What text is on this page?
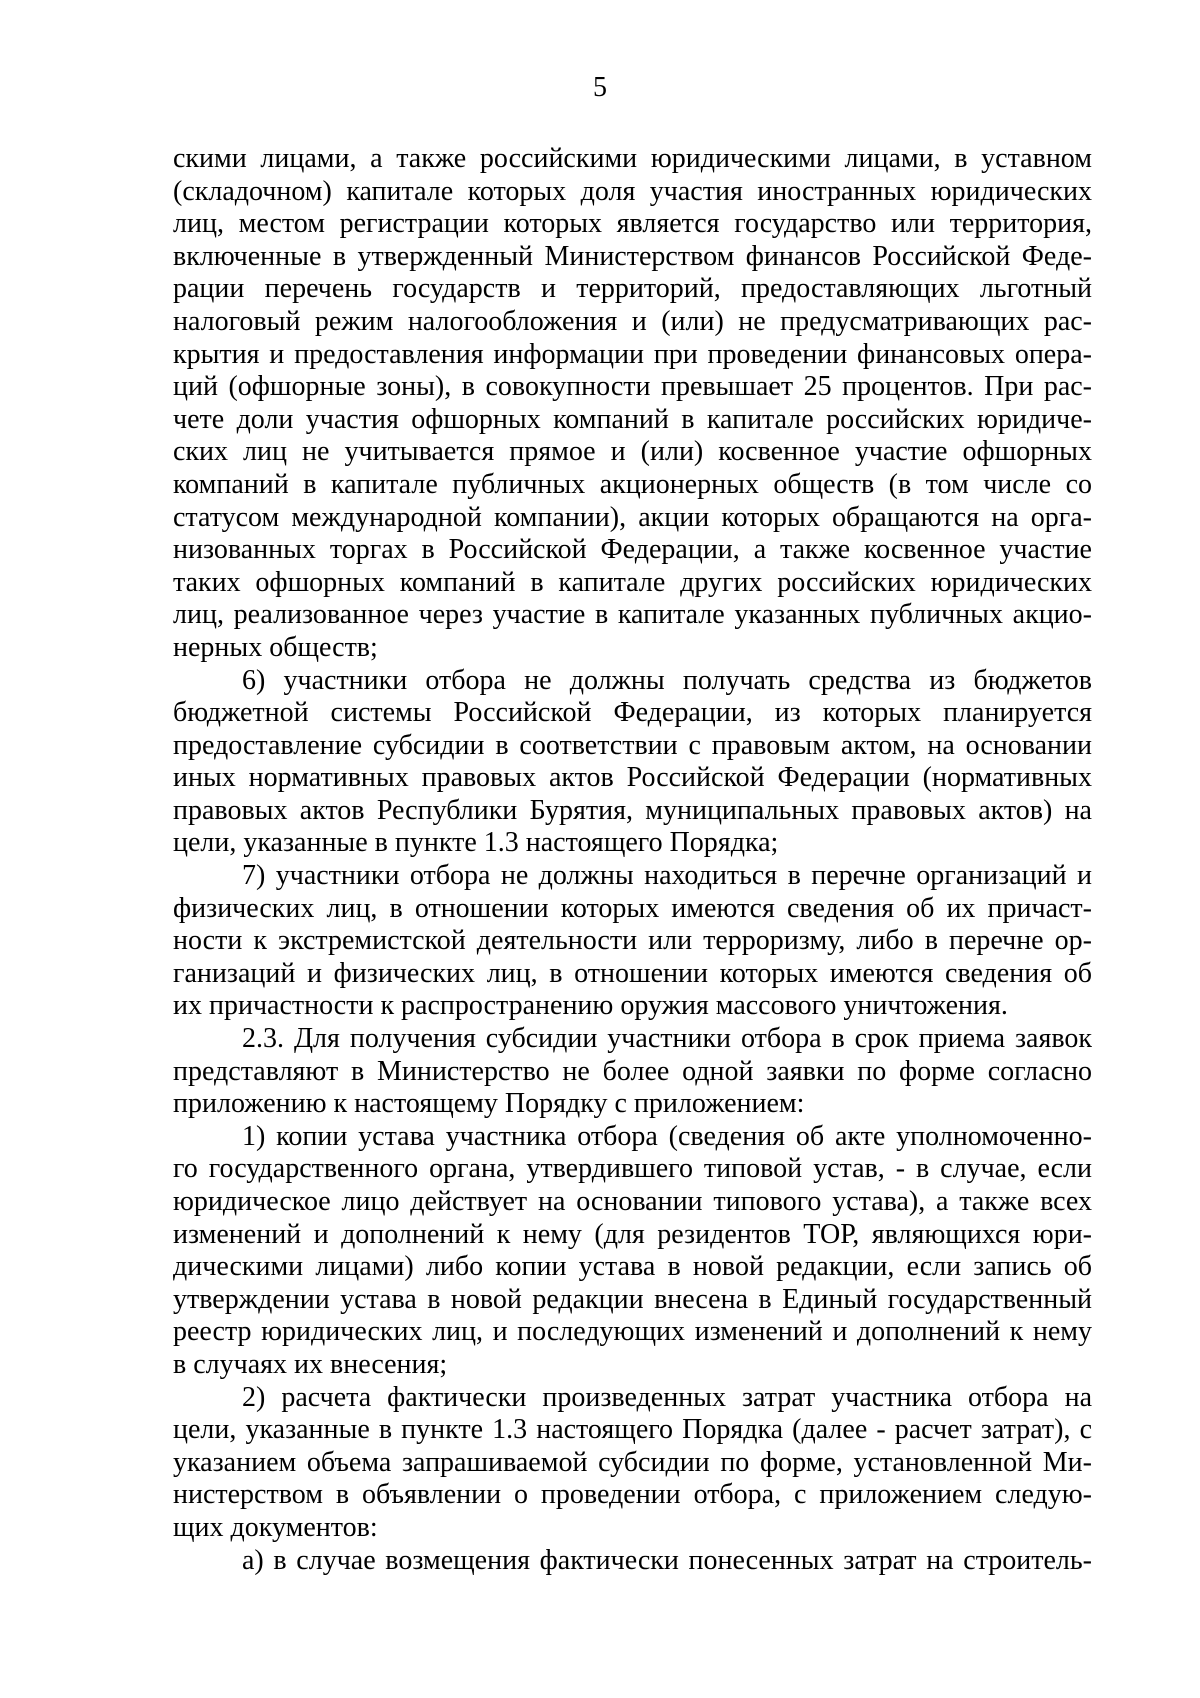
5
скими лицами, а также российскими юридическими лицами, в уставном
(складочном) капитале которых доля участия иностранных юридических
лиц, местом регистрации которых является государство или территория,
включенные в утвержденный Министерством финансов Российской Феде-
рации перечень государств и территорий, предоставляющих льготный
налоговый режим налогообложения и (или) не предусматривающих рас-
крытия и предоставления информации при проведении финансовых опера-
ций (офшорные зоны), в совокупности превышает 25 процентов. При рас-
чете доли участия офшорных компаний в капитале российских юридиче-
ских лиц не учитывается прямое и (или) косвенное участие офшорных
компаний в капитале публичных акционерных обществ (в том числе со
статусом международной компании), акции которых обращаются на орга-
низованных торгах в Российской Федерации, а также косвенное участие
таких офшорных компаний в капитале других российских юридических
лиц, реализованное через участие в капитале указанных публичных акцио-
нерных обществ;
6) участники отбора не должны получать средства из бюджетов
бюджетной системы Российской Федерации, из которых планируется
предоставление субсидии в соответствии с правовым актом, на основании
иных нормативных правовых актов Российской Федерации (нормативных
правовых актов Республики Бурятия, муниципальных правовых актов) на
цели, указанные в пункте 1.3 настоящего Порядка;
7) участники отбора не должны находиться в перечне организаций и
физических лиц, в отношении которых имеются сведения об их причаст-
ности к экстремистской деятельности или терроризму, либо в перечне ор-
ганизаций и физических лиц, в отношении которых имеются сведения об
их причастности к распространению оружия массового уничтожения.
2.3. Для получения субсидии участники отбора в срок приема заявок
представляют в Министерство не более одной заявки по форме согласно
приложению к настоящему Порядку с приложением:
1) копии устава участника отбора (сведения об акте уполномоченно-
го государственного органа, утвердившего типовой устав, - в случае, если
юридическое лицо действует на основании типового устава), а также всех
изменений и дополнений к нему (для резидентов ТОР, являющихся юри-
дическими лицами) либо копии устава в новой редакции, если запись об
утверждении устава в новой редакции внесена в Единый государственный
реестр юридических лиц, и последующих изменений и дополнений к нему
в случаях их внесения;
2) расчета фактически произведенных затрат участника отбора на
цели, указанные в пункте 1.3 настоящего Порядка (далее - расчет затрат), с
указанием объема запрашиваемой субсидии по форме, установленной Ми-
нистерством в объявлении о проведении отбора, с приложением следую-
щих документов:
а) в случае возмещения фактически понесенных затрат на строитель-
